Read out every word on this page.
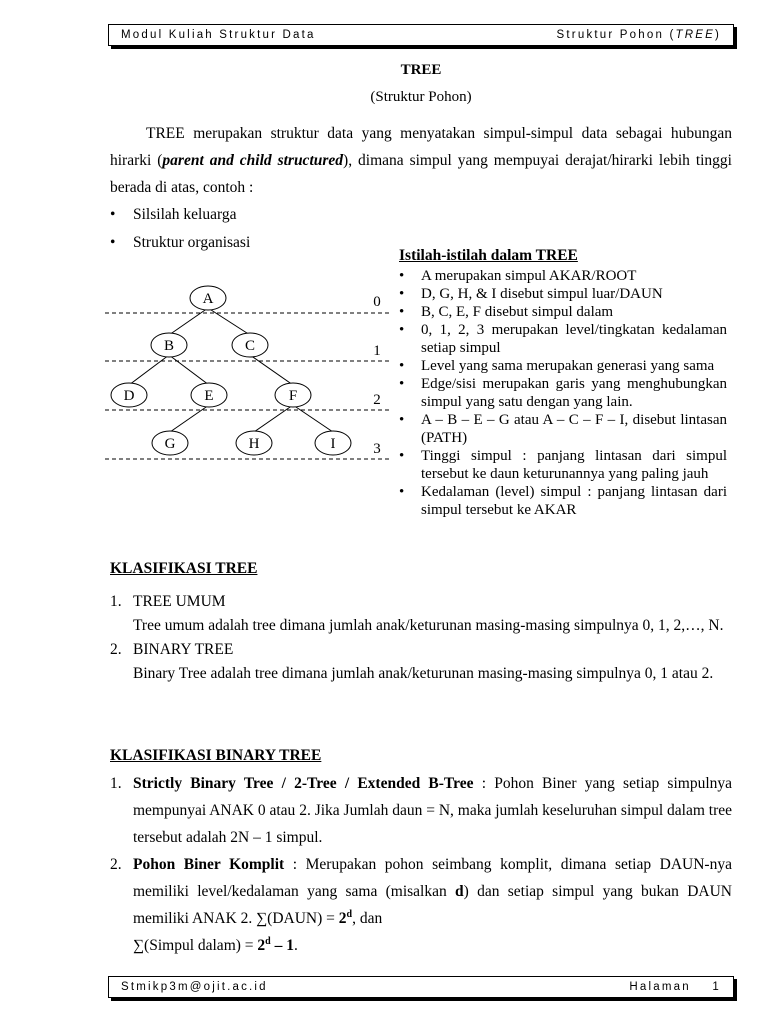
Modul Kuliah Struktur Data	Struktur Pohon (TREE)
TREE
(Struktur Pohon)
TREE merupakan struktur data yang menyatakan simpul-simpul data sebagai hubungan hirarki (parent and child structured), dimana simpul yang mempuyai derajat/hirarki lebih tinggi berada di atas, contoh :
•	Silsilah keluarga
•	Struktur organisasi
A
B	C
D	E	F
G	H	I
0
1
2
3
Istilah-istilah dalam TREE
•	A merupakan simpul AKAR/ROOT
•	D, G, H, & I disebut simpul luar/DAUN
•	B, C, E, F disebut simpul dalam
•	0, 1, 2, 3 merupakan level/tingkatan kedalaman setiap simpul
•	Level yang sama merupakan generasi yang sama
•	Edge/sisi merupakan garis yang menghubungkan simpul yang satu dengan yang lain.
•	A – B – E – G atau A – C – F – I, disebut lintasan (PATH)
•	Tinggi simpul : panjang lintasan dari simpul tersebut ke daun keturunannya yang paling jauh
•	Kedalaman (level) simpul : panjang lintasan dari simpul tersebut ke AKAR
KLASIFIKASI TREE
1. TREE UMUM
Tree umum adalah tree dimana jumlah anak/keturunan masing-masing simpulnya 0, 1, 2,…, N.
2. BINARY TREE
Binary Tree adalah tree dimana jumlah anak/keturunan masing-masing simpulnya 0, 1 atau 2.
KLASIFIKASI BINARY TREE
1. Strictly Binary Tree / 2-Tree / Extended B-Tree : Pohon Biner yang setiap simpulnya mempunyai ANAK 0 atau 2. Jika Jumlah daun = N, maka jumlah keseluruhan simpul dalam tree tersebut adalah 2N – 1 simpul.
2. Pohon Biner Komplit : Merupakan pohon seimbang komplit, dimana setiap DAUN-nya memiliki level/kedalaman yang sama (misalkan d) dan setiap simpul yang bukan DAUN memiliki ANAK 2. ∑(DAUN) = $2^d$, dan
∑(Simpul dalam) = $2^d - 1$.
Stmikp3m@ojit.ac.id	Halaman    1
